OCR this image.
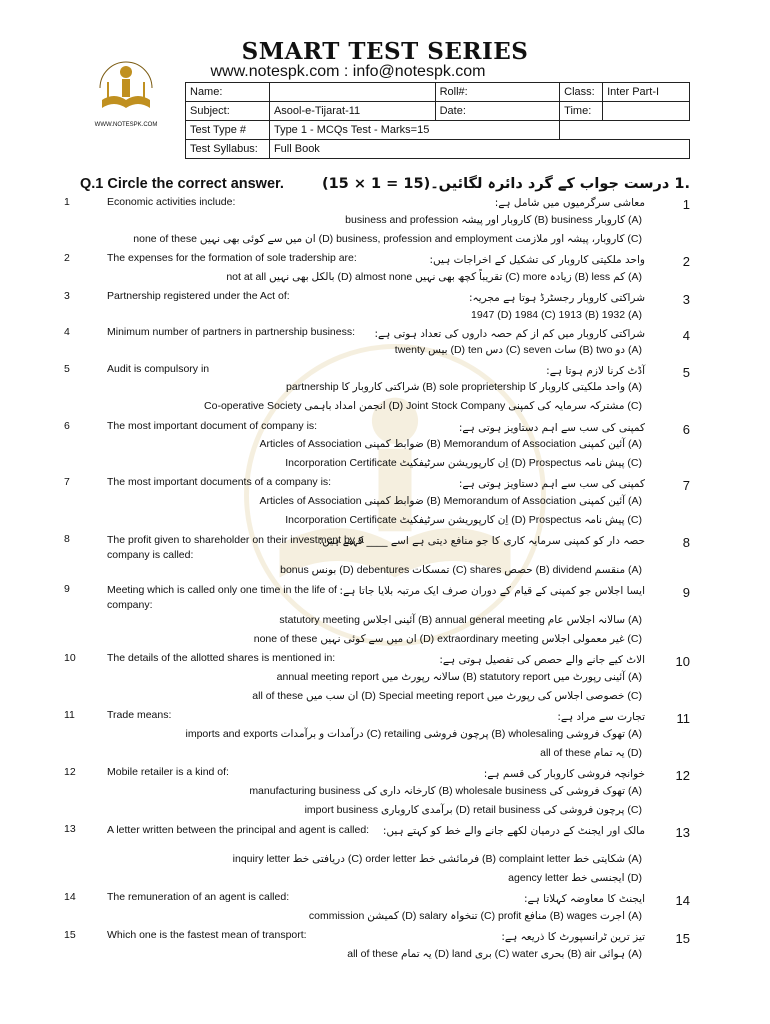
SMART TEST SERIES
www.notespk.com : info@notespk.com
WWW.NOTESPK.COM
Name:		Roll#:	Class:	Inter Part-I
Subject:	Asool-e-Tijarat-11	Date:	Time:	
Test Type #	Type 1 - MCQs Test - Marks=15			
Test Syllabus:	Full Book			
Q.1 Circle the correct answer.	.1 درست جواب کے گرد دائرہ لگائیں۔(15 = 1 × 15)
1	Economic activities include:	معاشی سرگرمیوں میں شامل ہے:	1
business and profession کاروبار اور پیشہ (B) business کاروبار (A)
none of these ان میں سے کوئی بھی نہیں (D) business, profession and employment کاروبار، پیشہ اور ملازمت (C)
2	The expenses for the formation of sole tradership are:	واحد ملکیتی کاروبار کی تشکیل کے اخراجات ہیں:	2
not at all بالکل بھی نہیں (D) almost none تقریباً کچھ بھی نہیں (C) more زیادہ (B) less کم (A)
3	Partnership registered under the Act of:	شراکتی کاروبار رجسٹرڈ ہوتا ہے مجریہ:	3
1947 (D) 1984 (C) 1913 (B) 1932 (A)
4	Minimum number of partners in partnership business: شراکتی کاروبار میں کم از کم حصہ داروں کی تعداد ہوتی ہے:	4
twenty بیس (D) ten دس (C) seven سات (B) two دو (A)
5	Audit is compulsory in	آڈٹ کرنا لازم ہوتا ہے:	5
partnership شراکتی کاروبار کا (B) sole proprietership واحد ملکیتی کاروبار کا (A)
Co-operative Society انجمن امداد باہمی (D) Joint Stock Company مشترکہ سرمایہ کی کمپنی (C)
6	The most important document of company is:	کمپنی کی سب سے اہم دستاویز ہوتی ہے:	6
Articles of Association ضوابط کمپنی (B) Memorandum of Association آئین کمپنی (A)
Incorporation Certificate اِن کارپوریشن سرٹیفکیٹ (D) Prospectus پیش نامہ (C)
7	The most important documents of a company is:	کمپنی کی سب سے اہم دستاویز ہوتی ہے:	7
Articles of Association ضوابط کمپنی (B) Memorandum of Association آئین کمپنی (A)
Incorporation Certificate اِن کارپوریشن سرٹیفکیٹ (D) Prospectus پیش نامہ (C)
8	The profit given to shareholder on their investment by a company is called:
حصہ دار کو کمپنی سرمایہ کاری کا جو منافع دیتی ہے اسے ____ کہتے ہیں:	8
bonus بونس (D) debentures تمسکات (C) shares حصص (B) dividend منقسم (A)
9	Meeting which is called only one time in the life of company:
ایسا اجلاس جو کمپنی کے قیام کے دوران صرف ایک مرتبہ بلایا جاتا ہے:	9
statutory meeting آئینی اجلاس (B) annual general meeting سالانہ اجلاس عام (A)
none of these ان میں سے کوئی نہیں (D) extraordinary meeting غیر معمولی اجلاس (C)
10	The details of the allotted shares is mentioned in:	الاٹ کیے جانے والے حصص کی تفصیل ہوتی ہے: 10
annual meeting report سالانہ رپورٹ میں (B) statutory report آئینی رپورٹ میں (A)
all of these ان سب میں (D) Special meeting report خصوصی اجلاس کی رپورٹ میں (C)
11	Trade means:	تجارت سے مراد ہے: 11
imports and exports درآمدات و برآمدات (C) retailing پرچون فروشی (B) wholesaling تھوک فروشی (A)
all of these یہ تمام (D)
12	Mobile retailer is a kind of:	خوانچہ فروشی کاروبار کی قسم ہے: 12
manufacturing business کارخانہ داری کی (B) wholesale business تھوک فروشی کی (A)
import business برآمدی کاروباری (D) retail business پرچون فروشی کی (C)
13	A letter written between the principal and agent is called:	مالک اور ایجنٹ کے درمیان لکھے جانے والے خط کو کہتے ہیں: 13
inquiry letter دریافتی خط (C) order letter فرمائشی خط (B) complaint letter شکایتی خط (A)
agency letter ایجنسی خط (D)
14	The remuneration of an agent is called:	ایجنٹ کا معاوضہ کہلاتا ہے: 14
commission کمیشن (D) salary تنخواہ (C) profit منافع (B) wages اجرت (A)
15	Which one is the fastest mean of transport:	تیز ترین ٹرانسپورٹ کا ذریعہ ہے: 15
all of these یہ تمام (D) land بری (C) water بحری (B) air ہوائی (A)
